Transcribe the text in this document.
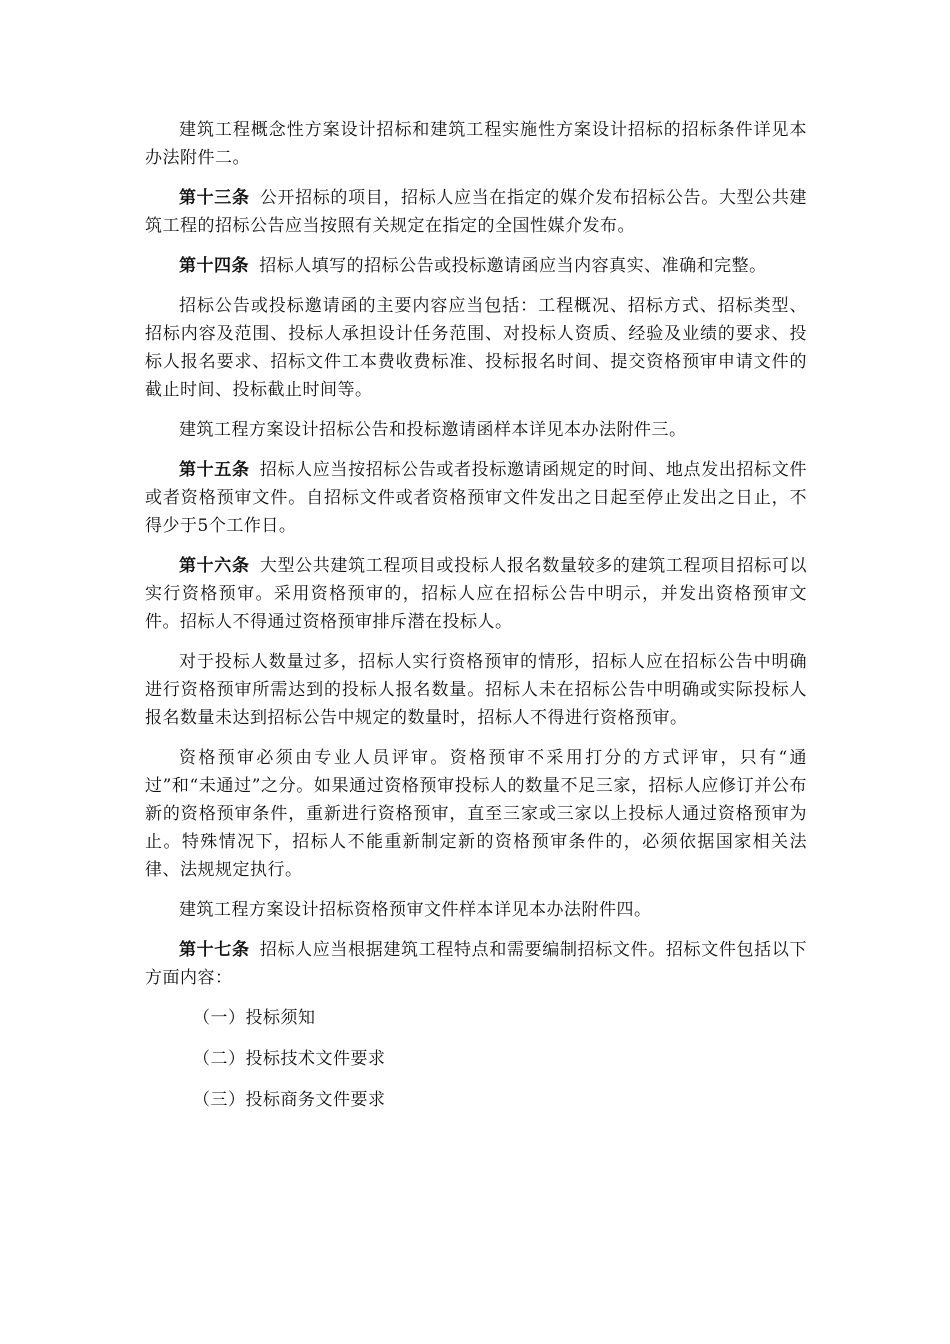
建筑工程概念性方案设计招标和建筑工程实施性方案设计招标的招标条件详见本办法附件二。

第十三条 公开招标的项目，招标人应当在指定的媒介发布招标公告。大型公共建筑工程的招标公告应当按照有关规定在指定的全国性媒介发布。

第十四条 招标人填写的招标公告或投标邀请函应当内容真实、准确和完整。

招标公告或投标邀请函的主要内容应当包括：工程概况、招标方式、招标类型、招标内容及范围、投标人承担设计任务范围、对投标人资质、经验及业绩的要求、投标人报名要求、招标文件工本费收费标准、投标报名时间、提交资格预审申请文件的截止时间、投标截止时间等。

建筑工程方案设计招标公告和投标邀请函样本详见本办法附件三。

第十五条 招标人应当按招标公告或者投标邀请函规定的时间、地点发出招标文件或者资格预审文件。自招标文件或者资格预审文件发出之日起至停止发出之日止，不得少于5个工作日。

第十六条 大型公共建筑工程项目或投标人报名数量较多的建筑工程项目招标可以实行资格预审。采用资格预审的，招标人应在招标公告中明示，并发出资格预审文件。招标人不得通过资格预审排斥潜在投标人。

对于投标人数量过多，招标人实行资格预审的情形，招标人应在招标公告中明确进行资格预审所需达到的投标人报名数量。招标人未在招标公告中明确或实际投标人报名数量未达到招标公告中规定的数量时，招标人不得进行资格预审。

资格预审必须由专业人员评审。资格预审不采用打分的方式评审，只有“通过”和“未通过”之分。如果通过资格预审投标人的数量不足三家，招标人应修订并公布新的资格预审条件，重新进行资格预审，直至三家或三家以上投标人通过资格预审为止。特殊情况下，招标人不能重新制定新的资格预审条件的，必须依据国家相关法律、法规规定执行。

建筑工程方案设计招标资格预审文件样本详见本办法附件四。

第十七条 招标人应当根据建筑工程特点和需要编制招标文件。招标文件包括以下方面内容：

（一）投标须知

（二）投标技术文件要求

（三）投标商务文件要求
